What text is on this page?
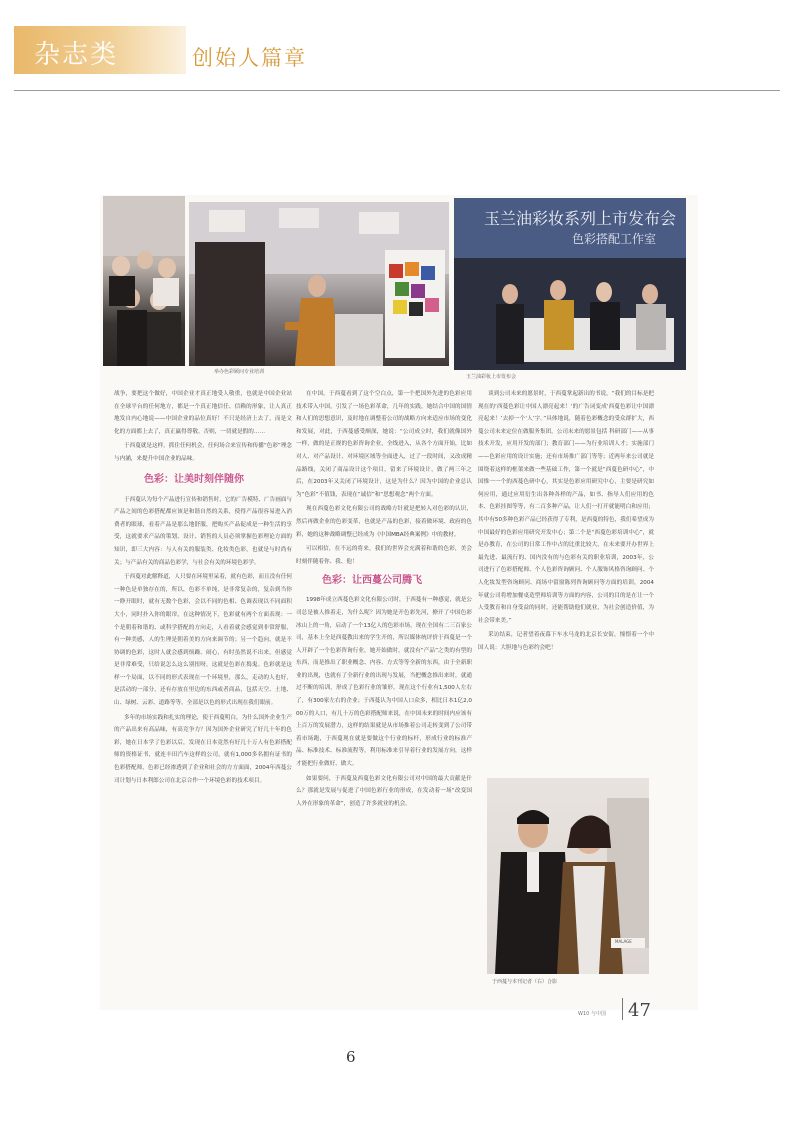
杂志类	创始人篇章
举办色彩顾问专业培训
玉兰油彩妆系列上市发布会
色彩搭配工作室
玉兰油彩妆上市发布会

战争，要把这个做好，中国企业才真正地受人敬重，也就是中国企业站在全球平台的任何地方，都是一个真正地信任、信赖的形象，让人真正地发自内心地说——中国企业的品位真好！不只是经济上去了，而是文化的方面都上去了，真正赢得尊敬。否则，一切就是假的……

于西蔓就是这样，抓住任何机会，任何场合来宣传和传播“色彩”理念与内涵，来提升中国企业的品味。

色彩：让美时刻伴随你

于西蔓认为每个产品进行宣传和销售时，它的广告模特、广告画面与产品之间的色彩搭配都应该是和谐自然的关系，使得产品很容易进入消费者的眼球，看着产品是那么地舒服，把购买产品促成是一种生活的享受，这就要求产品的策划、设计、销售的人员必须掌握色彩理论方面的知识，即三大内容：与人有关的服装类、化妆类色彩，也就是与时尚有关；与产品有关的商品色彩学，与社会有关的环境色彩学。

于西蔓对此解释道，人只要在环境里呆着，就有色彩，而且没有任何一种色是单独存在的，所以，色彩不单纯，是非常复杂的，复杂到当你一睁开眼时，就有无数个色彩，会以不同的色相、色调表现以不同面积大小，同时扑入你的眼帘，在这种情况下，色彩就有两个方面表现：一个是朝着和谐的、或科学搭配的方向走，人看着就会感觉到非常舒服，有一种美感，人的生理是朝着美的方向来调节的；另一个趋向，就是不协调的色彩，这时人就会感到烦躁、闹心，有时虽然说不出来，但感觉是非常难受，只给说怎么这么别扭呀，这就是色彩在捣鬼。色彩就是这样一个局面，以不同的形式表现在一个环境里，那么，走动的人也好，是活动的一部分，还有存放在里边的东西或者商品，包括天空、土地、山、绿树、云彩、道路等等，全部是以色的形式出现在我们眼前。

多年的市场实践和扎实的理论，使于西蔓明白，为什么国外企业生产的产品出来有高品味，有高竞争力？因为国外企业研究了好几十年的色彩，她在日本学了色彩以后，发现在日本竟然有好几十万人有色彩搭配师的资格证书，就连丰田汽车这样的公司，就有1,000多名拥有证书的色彩搭配师，色彩已经渗透到了企业和社会的方方面面，2004年西蔓公司计划与日本利郎公司在北京合作一个环境色彩的技术项目。

在中国，于西蔓看到了这个空白点，第一个把国外先进的色彩应用技术带入中国，引发了一场色彩革命，几年的实践，她结合中国的国情和人们的思想意识，及时地在调整着公司的战略方向来适应市场的变化和发展，对此，于西蔓感受颇深，她说：“公司成立时，我们就像国外一样，做的是正规的色彩咨询企业，全线进入，从各个方面开始，比如对人、对产品设计、对环境区域等全面进入，过了一段时间，又改成精品路线，关闭了商品设计这个项目，留来了环境设计，做了两三年之后，在2003年又关闭了环境设计，这是为什么？因为中国的企业总认为“色彩”不值钱，表现在“诚信”和“思想观念”两个方面。

现在西蔓色彩文化有限公司的战略方针就是把转入对色彩的认识，然后再做企业的色彩变革，也就是产品的色彩，接着做环境、政府的色彩，她的这种战略调整已经成为《中国MBA经典案例》中的教材。

可以相信，在不远的将来，我们的世界会充满着和谐的色彩，美会时刻伴随着你、我、他！

色彩：让西蔓公司腾飞

1998年成立西蔓色彩文化有限公司时，于西蔓有一种感觉，就是公司总是被人推着走，为什么呢？因为她是开色彩先河，撩开了中国色彩冰山上的一角，启动了一个13亿人的色彩市场，现在全国有二三百家公司，基本上全是西蔓教出来的学生开的，所以媒体统评价于西蔓是一个人开辟了一个色彩咨询行业，她开始做时，就没有“产品”之类的有型的东西，而是推出了职业概念、内容、方式等等全新的东西，由于全新职业的出现，也就有了全新行业的出现与发展，当把概念推出来时，就通过不断的培训，形成了色彩行业的雏形，现在这个行业有1,500人左右了，有300家左右的企业；于西蔓认为中国人口众多，相比日本1亿2,000万的人口，有几十万的色彩搭配师来说，在中国未来的时间内应该有上百万的发展潜力，这样的结果就是从市场推着公司走转变到了公司带着市场跑，于西蔓现在就是要做这个行业的标杆，形成行业的标准产品、标准技术、标准流程等，利用标准来引导着行业的发展方向，这样才能把行业做好、做大。

如果要问，于西蔓及西蔓色彩文化有限公司对中国的最大贡献是什么？那就是发展与促进了中国色彩行业的形成，在发动着一场“改变国人外在形象的革命”，创造了许多就业的机会。

谈到公司未来的愿景时，于西蔓掌起新出的书说，“我们的目标是把现在的‘西蔓色彩让中国人漂亮起来！’的广告词变成‘西蔓色彩让中国漂亮起来！’去掉一个‘人’字。”具体地说，随着色彩概念的受众群扩大，西蔓公司未来定位在做服务集团，公司未来的愿景包括 科研部门——从事技术开发，应用开发的部门；教育部门——为行业培训人才；实施部门——色彩应用的设计实施；还有市场推广部门等等；近两年来公司就是围绕着这样的框架来做一些基础工作，第一个就是“西蔓色研中心”，中国惟一一个的西蔓色研中心，其实是色彩应用研究中心，主要是研究如何应用，通过应用衍生出各种各样的产品，如书、指导人们应用的色本、色彩挂图等等，有二百多种产品，让人们一打开就能明白和应用；其中有50多种色彩产品已经获得了专利，是西蔓的特色，我们希望成为中国最好的色彩应用研究开发中心；第二个是“西蔓色彩培训中心”，就是办教育，在公司的日常工作中占的比重比较大，在未来要开办世界上最先进、最流行的、国内没有的与色彩有关的职业培训，2003年，公司进行了色彩搭配师、个人色彩咨询顾问、个人服饰风格咨询顾问、个人化妆发型咨询顾问、商场中留窗陈列咨询顾问等方面的培训，2004年就公司将增加餐桌造型师培训等方面的内容，公司的目的是在让一个人受教育和自身受益的同时，还能帮助他们就业，为社会创造价值，为社会带来美。”

采访结束，记者望着夜幕下车水马龙的北京长安街，憧憬着一个中国人说：大胆地与色彩约会吧！

MALAGE
于西蔓与本刊记者（右）合影
W10 与中国 47
6
